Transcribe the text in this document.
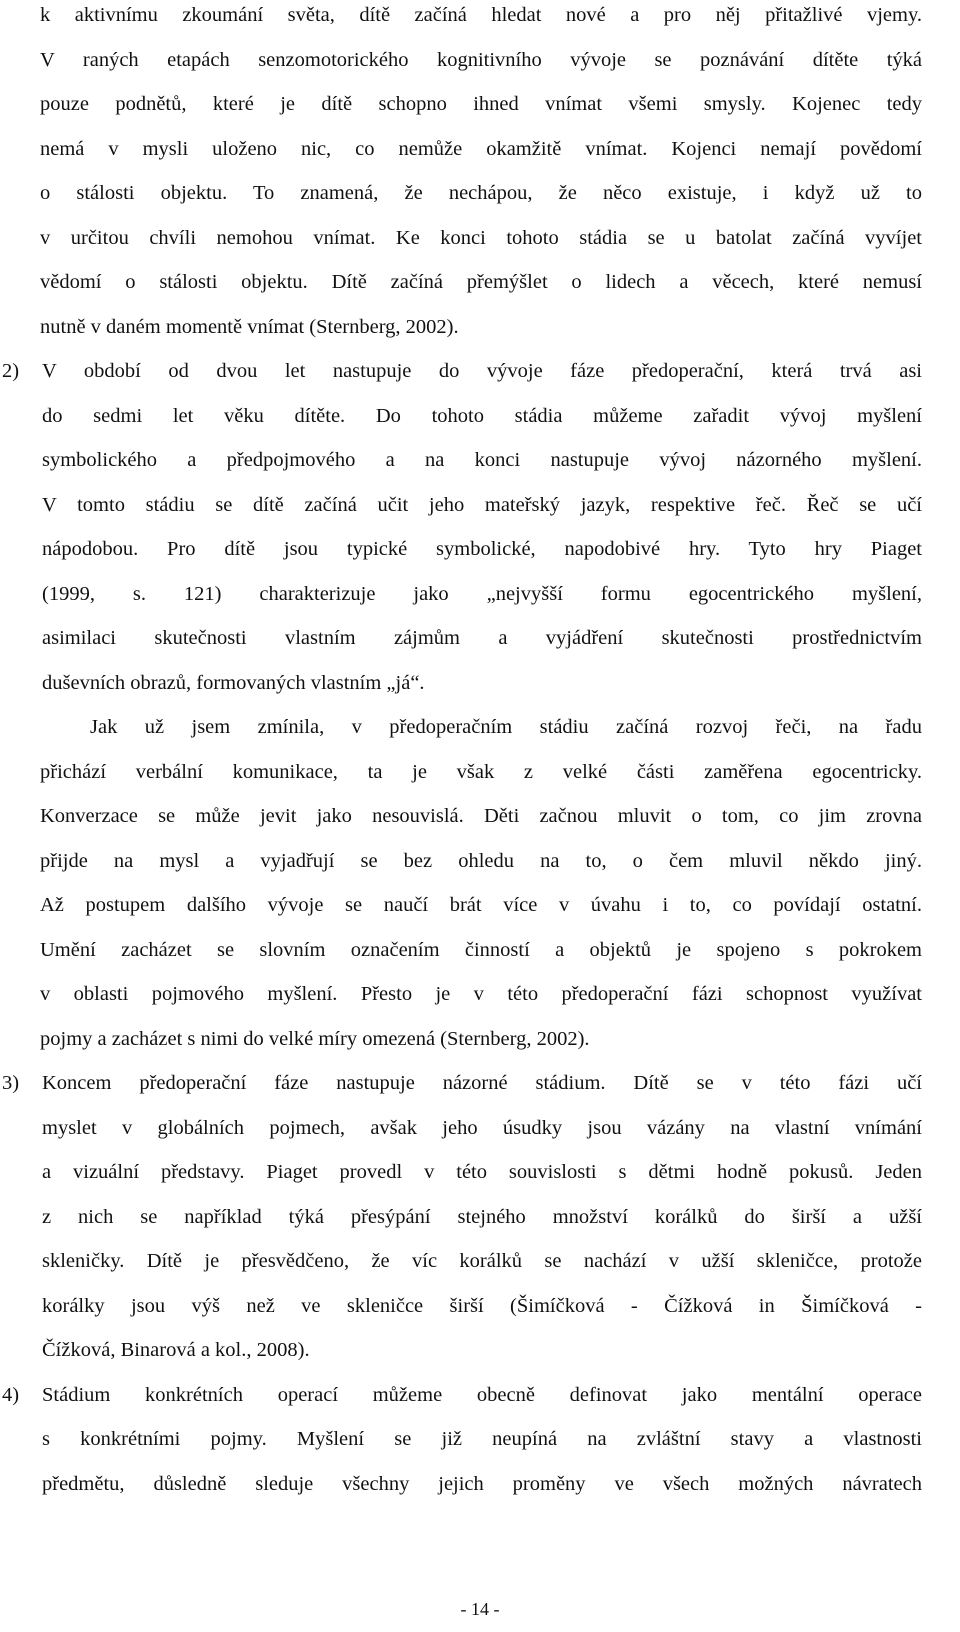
k aktivnímu zkoumání světa, dítě začíná hledat nové a pro něj přitažlivé vjemy.
V raných etapách senzomotorického kognitivního vývoje se poznávání dítěte týká
pouze podnětů, které je dítě schopno ihned vnímat všemi smysly. Kojenec tedy
nemá v mysli uloženo nic, co nemůže okamžitě vnímat. Kojenci nemají povědomí
o stálosti objektu. To znamená, že nechápou, že něco existuje, i když už to
v určitou chvíli nemohou vnímat. Ke konci tohoto stádia se u batolat začíná vyvíjet
vědomí o stálosti objektu. Dítě začíná přemýšlet o lidech a věcech, které nemusí
nutně v daném momentě vnímat (Sternberg, 2002).
2) V období od dvou let nastupuje do vývoje fáze předoperační, která trvá asi
do sedmi let věku dítěte. Do tohoto stádia můžeme zařadit vývoj myšlení
symbolického a předpojmového a na konci nastupuje vývoj názorného myšlení.
V tomto stádiu se dítě začíná učit jeho mateřský jazyk, respektive řeč. Řeč se učí
nápodobou. Pro dítě jsou typické symbolické, napodobivé hry. Tyto hry Piaget
(1999, s. 121) charakterizuje jako „nejvyšší formu egocentrického myšlení,
asimilaci skutečnosti vlastním zájmům a vyjádření skutečnosti prostřednictvím
duševních obrazů, formovaných vlastním „já“.
Jak už jsem zmínila, v předoperačním stádiu začíná rozvoj řeči, na řadu
přichází verbální komunikace, ta je však z velké části zaměřena egocentricky.
Konverzace se může jevit jako nesouvislá. Děti začnou mluvit o tom, co jim zrovna
přijde na mysl a vyjadřují se bez ohledu na to, o čem mluvil někdo jiný.
Až postupem dalšího vývoje se naučí brát více v úvahu i to, co povídají ostatní.
Umění zacházet se slovním označením činností a objektů je spojeno s pokrokem
v oblasti pojmového myšlení. Přesto je v této předoperační fázi schopnost využívat
pojmy a zacházet s nimi do velké míry omezená (Sternberg, 2002).
3) Koncem předoperační fáze nastupuje názorné stádium. Dítě se v této fázi učí
myslet v globálních pojmech, avšak jeho úsudky jsou vázány na vlastní vnímání
a vizuální představy. Piaget provedl v této souvislosti s dětmi hodně pokusů. Jeden
z nich se například týká přesýpání stejného množství korálků do širší a užší
skleničky. Dítě je přesvědčeno, že víc korálků se nachází v užší skleničce, protože
korálky jsou výš než ve skleničce širší (Šimíčková - Čížková in Šimíčková -
Čížková, Binarová a kol., 2008).
4) Stádium konkrétních operací můžeme obecně definovat jako mentální operace
s konkrétními pojmy. Myšlení se již neupíná na zvláštní stavy a vlastnosti
předmětu, důsledně sleduje všechny jejich proměny ve všech možných návratech
- 14 -
